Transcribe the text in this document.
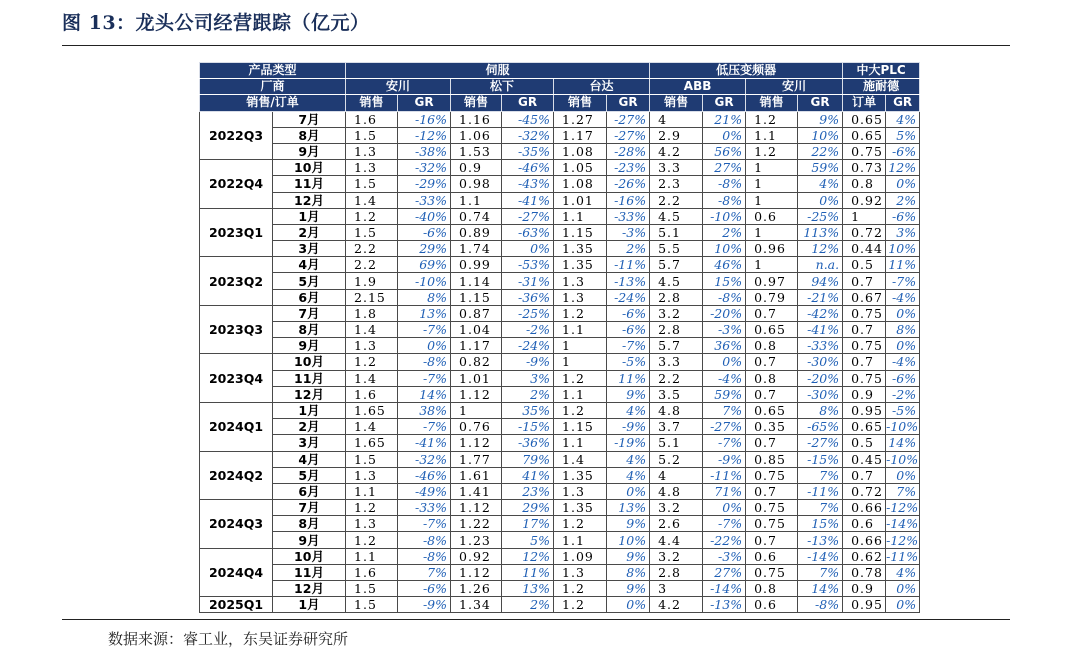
图 13：龙头公司经营跟踪（亿元）
产品类型		伺服						低压变频器				中大PLC	
厂商		安川		松下		台达		ABB		安川		施耐德	
销售/订单		销售	GR	销售	GR	销售	GR	销售	GR	销售	GR	订单	GR
2022Q3	7月	1.6	-16%	1.16	-45%	1.27	-27%	4	21%	1.2	9%	0.65	4%
	8月	1.5	-12%	1.06	-32%	1.17	-27%	2.9	0%	1.1	10%	0.65	5%
	9月	1.3	-38%	1.53	-35%	1.08	-28%	4.2	56%	1.2	22%	0.75	-6%
2022Q4	10月	1.3	-32%	0.9	-46%	1.05	-23%	3.3	27%	1	59%	0.73	12%
	11月	1.5	-29%	0.98	-43%	1.08	-26%	2.3	-8%	1	4%	0.8	0%
	12月	1.4	-33%	1.1	-41%	1.01	-16%	2.2	-8%	1	0%	0.92	2%
2023Q1	1月	1.2	-40%	0.74	-27%	1.1	-33%	4.5	-10%	0.6	-25%	1	-6%
	2月	1.5	-6%	0.89	-63%	1.15	-3%	5.1	2%	1	113%	0.72	3%
	3月	2.2	29%	1.74	0%	1.35	2%	5.5	10%	0.96	12%	0.44	10%
2023Q2	4月	2.2	69%	0.99	-53%	1.35	-11%	5.7	46%	1	n.a.	0.5	11%
	5月	1.9	-10%	1.14	-31%	1.3	-13%	4.5	15%	0.97	94%	0.7	-7%
	6月	2.15	8%	1.15	-36%	1.3	-24%	2.8	-8%	0.79	-21%	0.67	-4%
2023Q3	7月	1.8	13%	0.87	-25%	1.2	-6%	3.2	-20%	0.7	-42%	0.75	0%
	8月	1.4	-7%	1.04	-2%	1.1	-6%	2.8	-3%	0.65	-41%	0.7	8%
	9月	1.3	0%	1.17	-24%	1	-7%	5.7	36%	0.8	-33%	0.75	0%
2023Q4	10月	1.2	-8%	0.82	-9%	1	-5%	3.3	0%	0.7	-30%	0.7	-4%
	11月	1.4	-7%	1.01	3%	1.2	11%	2.2	-4%	0.8	-20%	0.75	-6%
	12月	1.6	14%	1.12	2%	1.1	9%	3.5	59%	0.7	-30%	0.9	-2%
2024Q1	1月	1.65	38%	1	35%	1.2	4%	4.8	7%	0.65	8%	0.95	-5%
	2月	1.4	-7%	0.76	-15%	1.15	-9%	3.7	-27%	0.35	-65%	0.65	-10%
	3月	1.65	-41%	1.12	-36%	1.1	-19%	5.1	-7%	0.7	-27%	0.5	14%
2024Q2	4月	1.5	-32%	1.77	79%	1.4	4%	5.2	-9%	0.85	-15%	0.45	-10%
	5月	1.3	-46%	1.61	41%	1.35	4%	4	-11%	0.75	7%	0.7	0%
	6月	1.1	-49%	1.41	23%	1.3	0%	4.8	71%	0.7	-11%	0.72	7%
2024Q3	7月	1.2	-33%	1.12	29%	1.35	13%	3.2	0%	0.75	7%	0.66	-12%
	8月	1.3	-7%	1.22	17%	1.2	9%	2.6	-7%	0.75	15%	0.6	-14%
	9月	1.2	-8%	1.23	5%	1.1	10%	4.4	-22%	0.7	-13%	0.66	-12%
2024Q4	10月	1.1	-8%	0.92	12%	1.09	9%	3.2	-3%	0.6	-14%	0.62	-11%
	11月	1.6	7%	1.12	11%	1.3	8%	2.8	27%	0.75	7%	0.78	4%
	12月	1.5	-6%	1.26	13%	1.2	9%	3	-14%	0.8	14%	0.9	0%
2025Q1	1月	1.5	-9%	1.34	2%	1.2	0%	4.2	-13%	0.6	-8%	0.95	0%
数据来源：睿工业，东吴证券研究所
